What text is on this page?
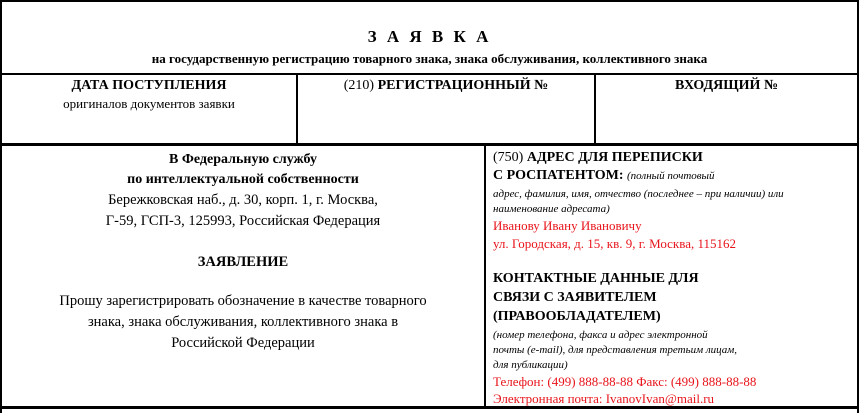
З А Я В К А
на государственную регистрацию товарного знака, знака обслуживания, коллективного знака
ДАТА ПОСТУПЛЕНИЯ
оригиналов документов заявки
(210) РЕГИСТРАЦИОННЫЙ №	ВХОДЯЩИЙ №
В Федеральную службу
по интеллектуальной собственности
Бережковская наб., д. 30, корп. 1, г. Москва,
Г-59, ГСП-3, 125993, Российская Федерация
ЗАЯВЛЕНИЕ
Прошу зарегистрировать обозначение в качестве товарного
знака, знака обслуживания, коллективного знака в
Российской Федерации
(750) АДРЕС ДЛЯ ПЕРЕПИСКИ
С РОСПАТЕНТОМ: (полный почтовый
адрес, фамилия, имя, отчество (последнее – при наличии) или
наименование адресата)
Иванову Ивану Ивановичу
ул. Городская, д. 15, кв. 9, г. Москва, 115162
КОНТАКТНЫЕ ДАННЫЕ ДЛЯ
СВЯЗИ С ЗАЯВИТЕЛЕМ
(ПРАВООБЛАДАТЕЛЕМ)
(номер телефона, факса и адрес электронной
почты (e-mail), для представления третьим лицам,
для публикации)
Телефон: (499) 888-88-88 Факс: (499) 888-88-88
Электронная почта: IvanovIvan@mail.ru
